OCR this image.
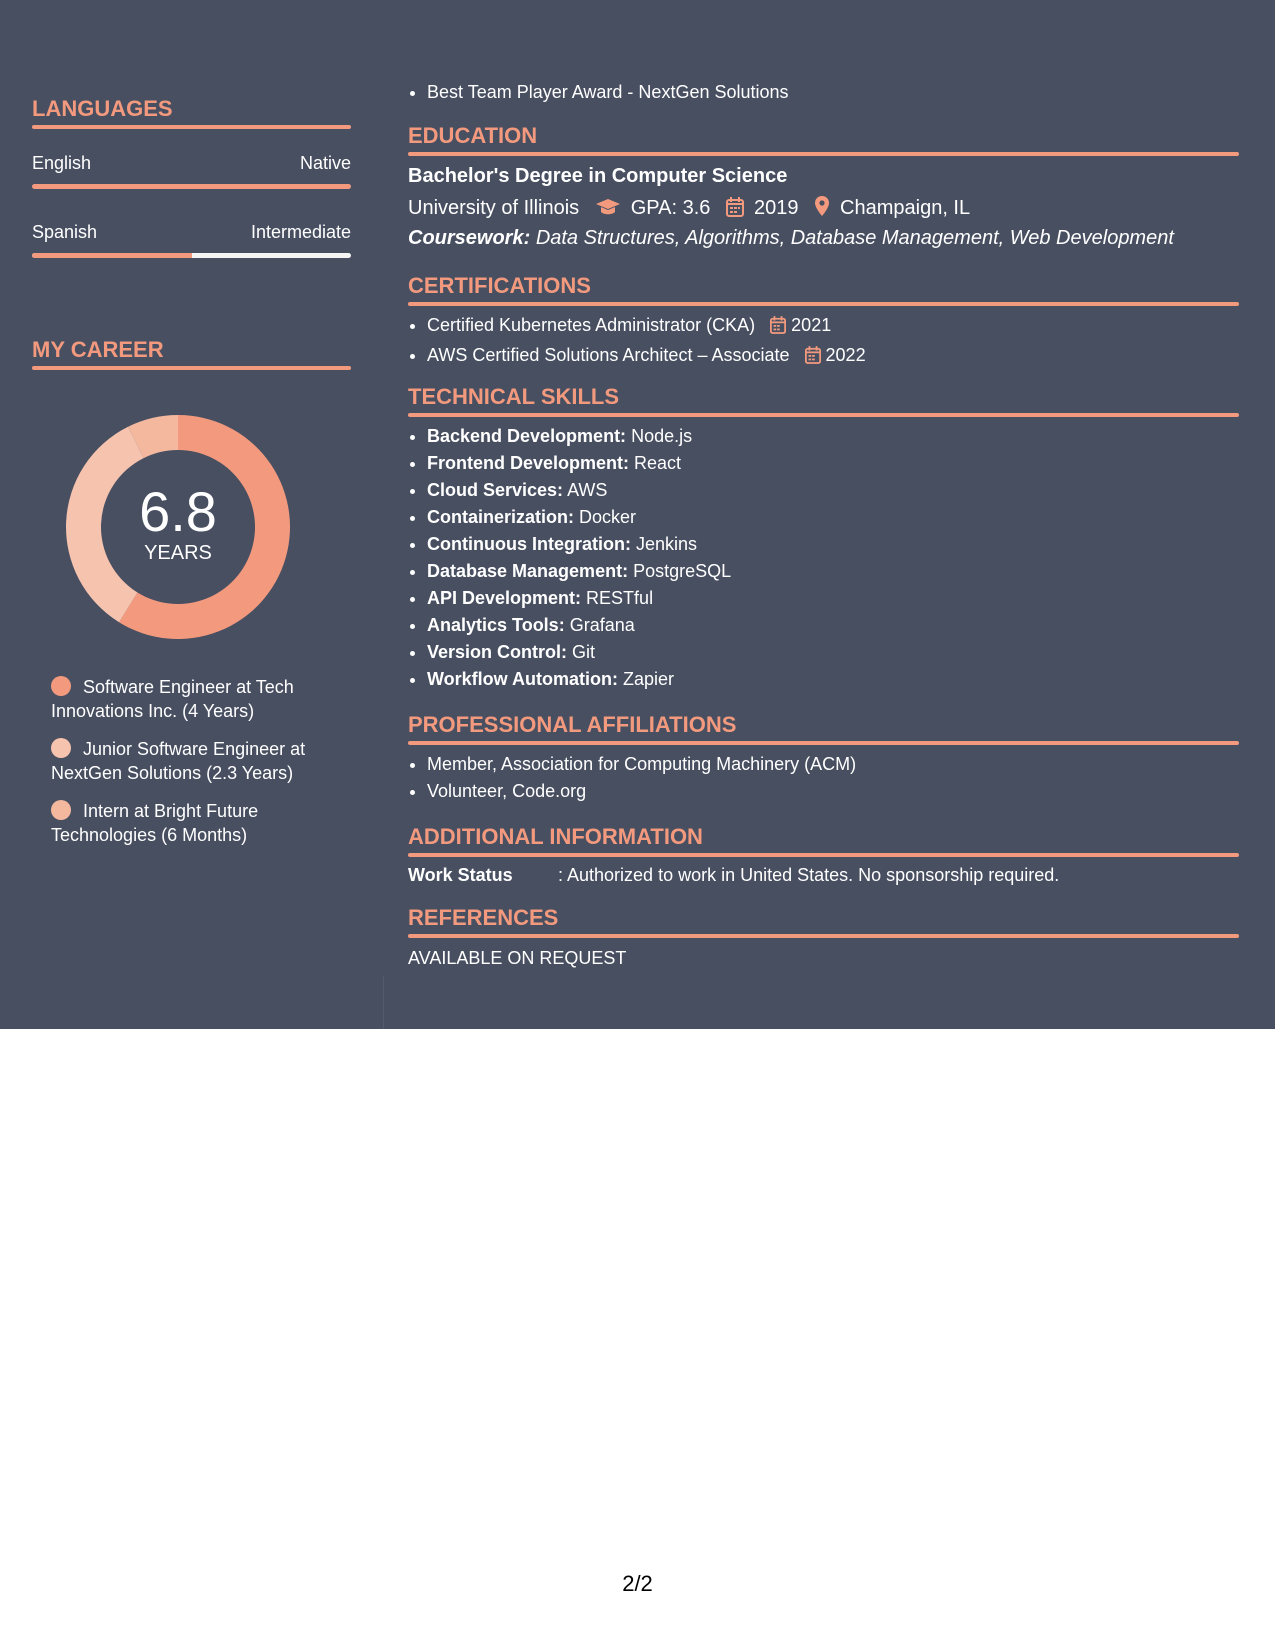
LANGUAGES
English	Native
Spanish	Intermediate
MY CAREER
6.8
YEARS
Software Engineer at Tech Innovations Inc. (4 Years)
Junior Software Engineer at NextGen Solutions (2.3 Years)
Intern at Bright Future Technologies (6 Months)
• Best Team Player Award - NextGen Solutions
EDUCATION
Bachelor's Degree in Computer Science
University of Illinois	GPA: 3.6 2019 Champaign, IL
Coursework: Data Structures, Algorithms, Database Management, Web Development
CERTIFICATIONS
• Certified Kubernetes Administrator (CKA) 2021
• AWS Certified Solutions Architect – Associate 2022
TECHNICAL SKILLS
• Backend Development: Node.js
• Frontend Development: React
• Cloud Services: AWS
• Containerization: Docker
• Continuous Integration: Jenkins
• Database Management: PostgreSQL
• API Development: RESTful
• Analytics Tools: Grafana
• Version Control: Git
• Workflow Automation: Zapier
PROFESSIONAL AFFILIATIONS
• Member, Association for Computing Machinery (ACM)
• Volunteer, Code.org
ADDITIONAL INFORMATION
Work Status	: Authorized to work in United States. No sponsorship required.
REFERENCES
AVAILABLE ON REQUEST
2/2
